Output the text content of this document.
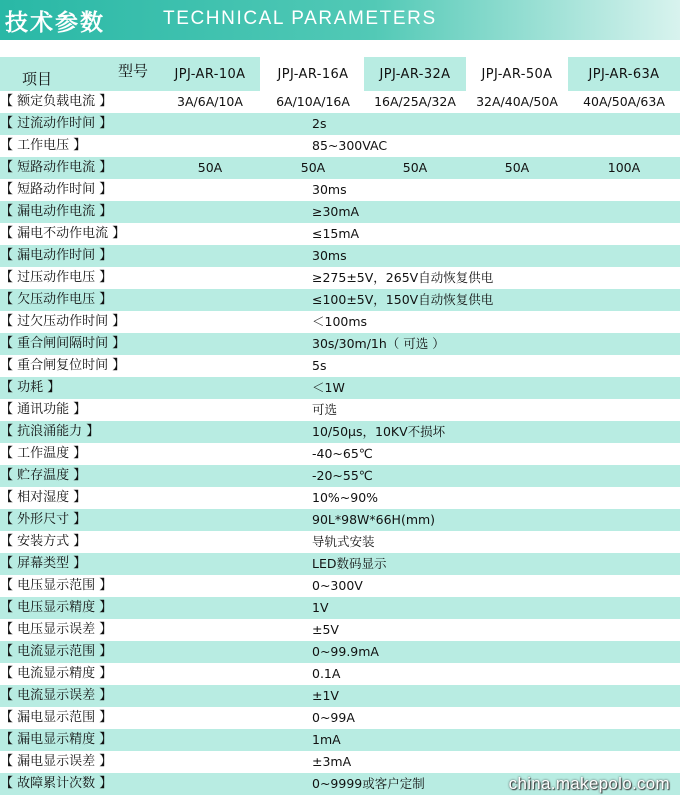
技术参数	TECHNICAL PARAMETERS
型号
项目	JPJ-AR-10A	JPJ-AR-16A	JPJ-AR-32A	JPJ-AR-50A	JPJ-AR-63A
【 额定负载电流 】	3A/6A/10A	6A/10A/16A	16A/25A/32A	32A/40A/50A	40A/50A/63A
【 过流动作时间 】	2s
【 工作电压 】	85~300VAC
【 短路动作电流 】	50A	50A	50A	50A	100A
【 短路动作时间 】	30ms
【 漏电动作电流 】	≥30mA
【 漏电不动作电流 】	≤15mA
【 漏电动作时间 】	30ms
【 过压动作电压 】	≥275±5V，265V自动恢复供电
【 欠压动作电压 】	≤100±5V，150V自动恢复供电
【 过欠压动作时间 】	＜100ms
【 重合闸间隔时间 】	30s/30m/1h（ 可选 ）
【 重合闸复位时间 】	5s
【 功耗 】	＜1W
【 通讯功能 】	可选
【 抗浪涌能力 】	10/50μs，10KV不损坏
【 工作温度 】	-40~65℃
【 贮存温度 】	-20~55℃
【 相对湿度 】	10%~90%
【 外形尺寸 】	90L*98W*66H(mm)
【 安装方式 】	导轨式安装
【 屏幕类型 】	LED数码显示
【 电压显示范围 】	0~300V
【 电压显示精度 】	1V
【 电压显示误差 】	±5V
【 电流显示范围 】	0~99.9mA
【 电流显示精度 】	0.1A
【 电流显示误差 】	±1V
【 漏电显示范围 】	0~99A
【 漏电显示精度 】	1mA
【 漏电显示误差 】	±3mA
【 故障累计次数 】	0~9999或客户定制	china.makepolo.com
